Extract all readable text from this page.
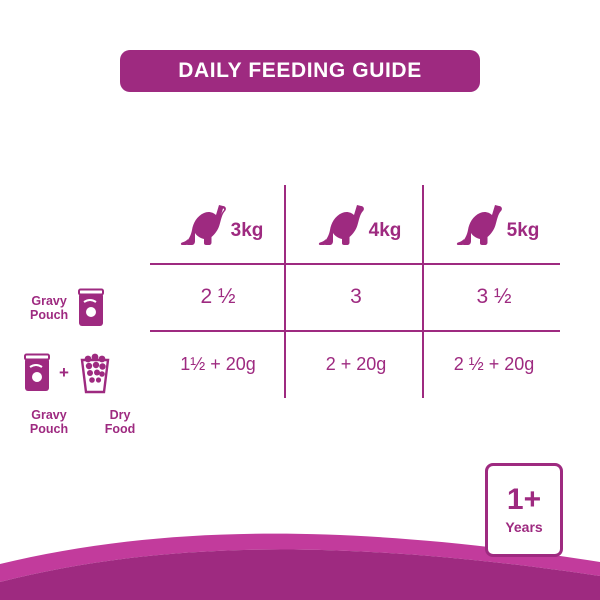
DAILY FEEDING GUIDE
Gravy
Pouch
+
Gravy
Pouch
Dry
Food
3kg
2 ½
1½ + 20g
4kg
3
2 + 20g
5kg
3 ½
2 ½ + 20g
1+
Years
